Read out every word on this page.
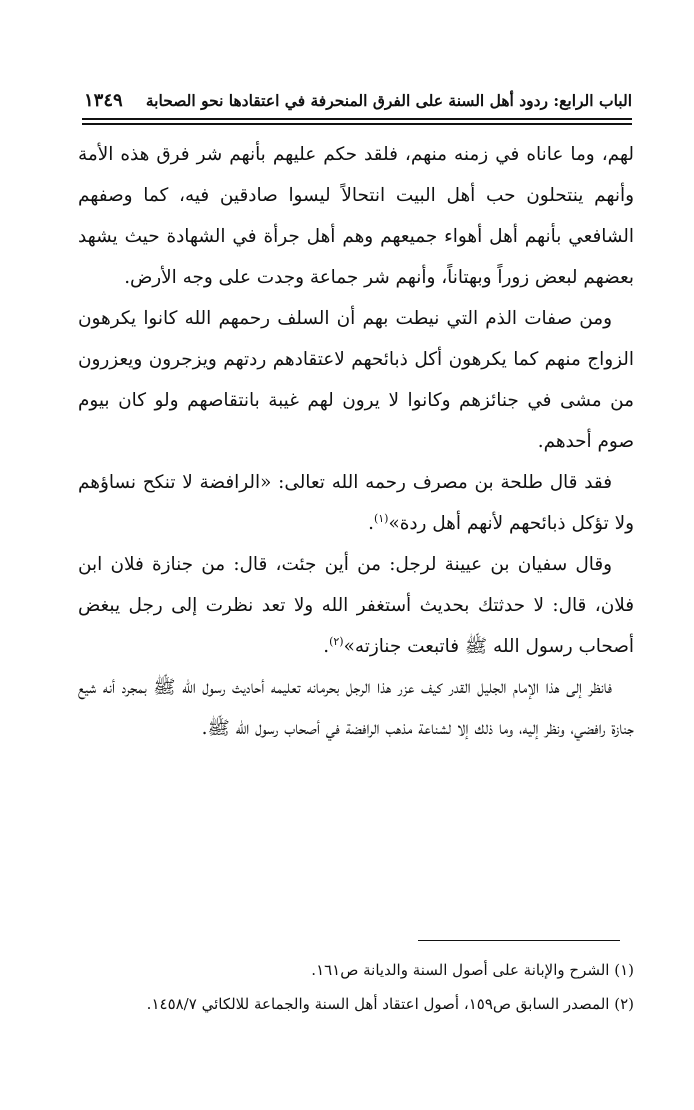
الباب الرابع: ردود أهل السنة على الفرق المنحرفة في اعتقادها نحو الصحابة
١٣٤٩

لهم، وما عاناه في زمنه منهم، فلقد حكم عليهم بأنهم شر فرق هذه الأمة وأنهم ينتحلون حب أهل البيت انتحالاً ليسوا صادقين فيه، كما وصفهم الشافعي بأنهم أهل أهواء جميعهم وهم أهل جرأة في الشهادة حيث يشهد بعضهم لبعض زوراً وبهتاناً، وأنهم شر جماعة وجدت على وجه الأرض.

ومن صفات الذم التي نيطت بهم أن السلف رحمهم الله كانوا يكرهون الزواج منهم كما يكرهون أكل ذبائحهم لاعتقادهم ردتهم ويزجرون ويعزرون من مشى في جنائزهم وكانوا لا يرون لهم غيبة بانتقاصهم ولو كان بيوم صوم أحدهم.

فقد قال طلحة بن مصرف رحمه الله تعالى: «الرافضة لا تنكح نساؤهم ولا تؤكل ذبائحهم لأنهم أهل ردة»$^{(١)}$.

وقال سفيان بن عيينة لرجل: من أين جئت، قال: من جنازة فلان ابن فلان، قال: لا حدثتك بحديث أستغفر الله ولا تعد نظرت إلى رجل يبغض أصحاب رسول الله ﷺ فاتبعت جنازته»$^{(٢)}$.

فانظر إلى هذا الإمام الجليل القدر كيف عزر هذا الرجل بحرمانه تعليمه أحاديث رسول الله ﷺ بمجرد أنه شيع جنازة رافضي، ونظر إليه، وما ذلك إلا لشناعة مذهب الرافضة في أصحاب رسول الله ﷺ.

(١) الشرح والإبانة على أصول السنة والديانة ص١٦١.

(٢) المصدر السابق ص١٥٩، أصول اعتقاد أهل السنة والجماعة للالكائي ١٤٥٨/٧.
